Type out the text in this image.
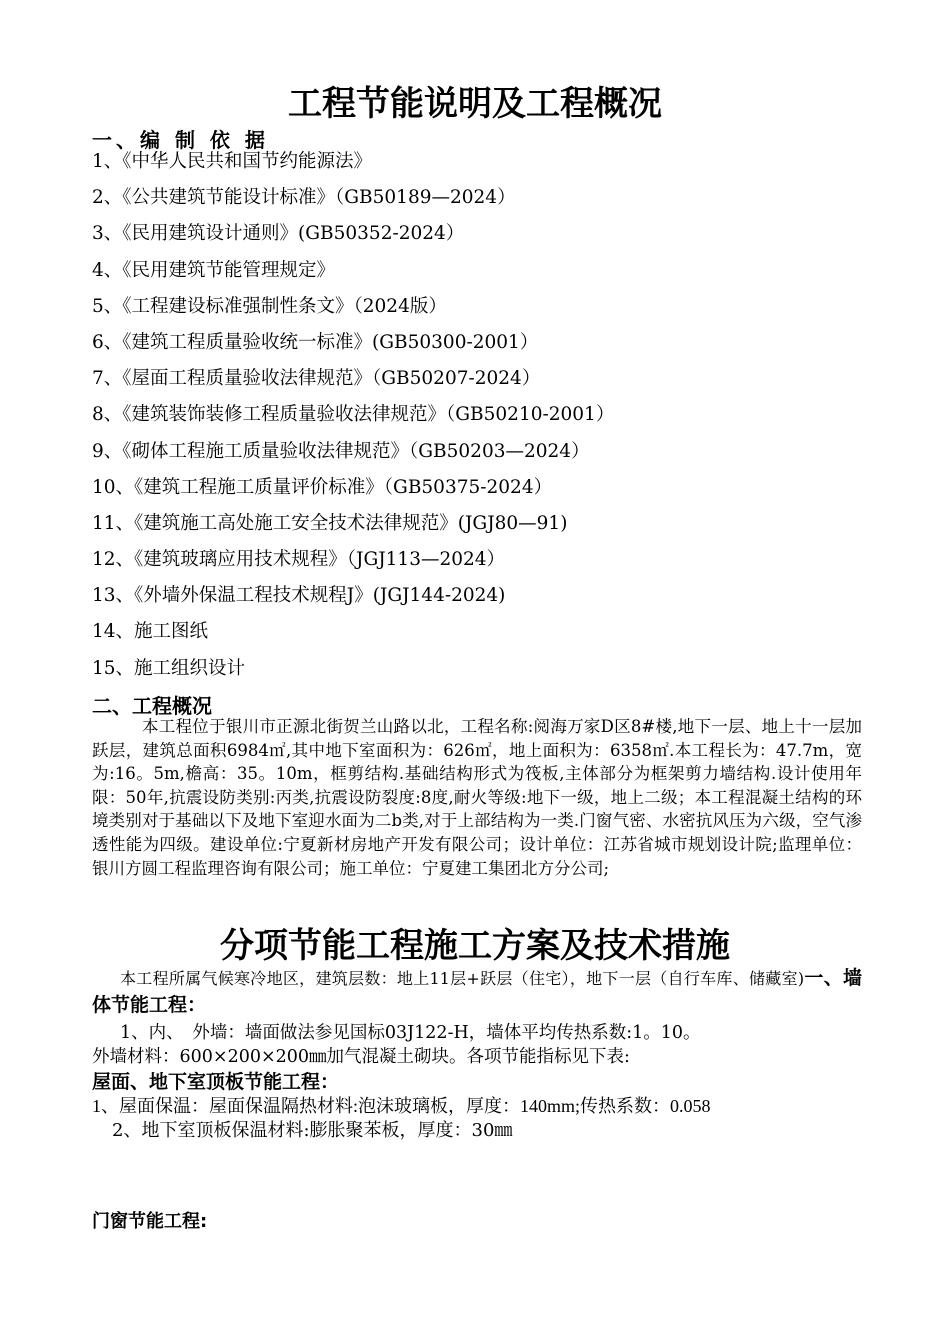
工程节能说明及工程概况
一、编 制 依 据
1、《中华人民共和国节约能源法》
2、《公共建筑节能设计标准》（GB50189—2024）
3、《民用建筑设计通则》(GB50352-2024）
4、《民用建筑节能管理规定》
5、《工程建设标准强制性条文》（2024版）
6、《建筑工程质量验收统一标准》(GB50300-2001）
7、《屋面工程质量验收法律规范》（GB50207-2024）
8、《建筑装饰装修工程质量验收法律规范》（GB50210-2001）
9、《砌体工程施工质量验收法律规范》（GB50203—2024）
10、《建筑工程施工质量评价标准》（GB50375-2024）
11、《建筑施工高处施工安全技术法律规范》(JGJ80—91)
12、《建筑玻璃应用技术规程》（JGJ113—2024）
13、《外墙外保温工程技术规程J》(JGJ144-2024)
14、施工图纸
15、施工组织设计
二、工程概况

本工程位于银川市正源北街贺兰山路以北，工程名称:阅海万家D区8#楼,地下一层、地上十一层加跃层，建筑总面积6984㎡,其中地下室面积为：626㎡，地上面积为：6358㎡.本工程长为：47.7m，宽为:16。5m,檐高：35。10m，框剪结构.基础结构形式为筏板,主体部分为框架剪力墙结构.设计使用年限：50年,抗震设防类别:丙类,抗震设防裂度:8度,耐火等级:地下一级，地上二级；本工程混凝土结构的环境类别对于基础以下及地下室迎水面为二b类,对于上部结构为一类.门窗气密、水密抗风压为六级，空气渗透性能为四级。建设单位:宁夏新材房地产开发有限公司；设计单位：江苏省城市规划设计院;监理单位：银川方圆工程监理咨询有限公司；施工单位：宁夏建工集团北方分公司;

分项节能工程施工方案及技术措施
本工程所属气候寒冷地区，建筑层数：地上11层+跃层（住宅），地下一层（自行车库、储藏室)一、墙体节能工程：
1、内、　外墙：墙面做法参见国标03J122-H，墙体平均传热系数:1。10。
外墙材料：600×200×200㎜加气混凝土砌块。各项节能指标见下表:
屋面、地下室顶板节能工程：
1、屋面保温：屋面保温隔热材料:泡沫玻璃板，厚度：140mm;传热系数：0.058
2、地下室顶板保温材料:膨胀聚苯板，厚度：30㎜
门窗节能工程:
